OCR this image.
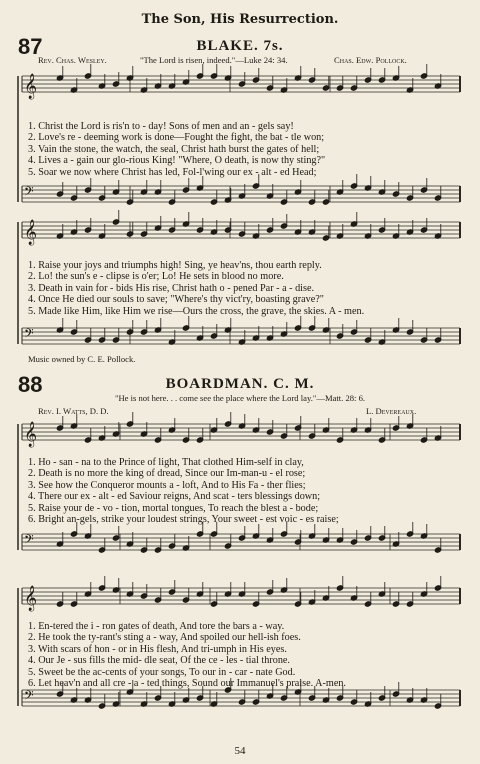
The Son, His Resurrection.
𝄞
𝄢
𝄞
𝄢
𝄞
𝄢
𝄞
𝄢
87	BLAKE. 7s.
Rev. Chas. Wesley.	"The Lord is risen, indeed."—Luke 24: 34.	Chas. Edw. Pollock.
1. Christ the Lord is ris'n to - day! Sons of men and an - gels say!
2. Love's re - deeming work is done—Fought the fight, the bat - tle won;
3. Vain the stone, the watch, the seal, Christ hath burst the gates of hell;
4. Lives a - gain our glo-rious King! "Where, O death, is now thy sting?"
5. Soar we now where Christ has led, Fol-l'wing our ex - alt - ed Head;
1. Raise your joys and triumphs high! Sing, ye heav'ns, thou earth reply.
2. Lo! the sun's e - clipse is o'er; Lo! He sets in blood no more.
3. Death in vain for - bids His rise, Christ hath o - pened Par - a - dise.
4. Once He died our souls to save; "Where's thy vict'ry, boasting grave?"
5. Made like Him, like Him we rise—Ours the cross, the grave, the skies. A - men.
Music owned by C. E. Pollock.
88	BOARDMAN. C. M.
"He is not here. . . come see the place where the Lord lay."—Matt. 28: 6.
Rev. I. Watts, D. D.	L. Devereaux.
1. Ho - san - na to the Prince of light, That clothed Him-self in clay,
2. Death is no more the king of dread, Since our Im-man-u - el rose;
3. See how the Conqueror mounts a - loft, And to His Fa - ther flies;
4. There our ex - alt - ed Saviour reigns, And scat - ters blessings down;
5. Raise your de - vo - tion, mortal tongues, To reach the blest a - bode;
6. Bright an-gels, strike your loudest strings, Your sweet - est voic - es raise;
1. En-tered the i - ron gates of death, And tore the bars a - way.
2. He took the ty-rant's sting a - way, And spoiled our hell-ish foes.
3. With scars of hon - or in His flesh, And tri-umph in His eyes.
4. Our Je - sus fills the mid- dle seat, Of the ce - les - tial throne.
5. Sweet be the ac-cents of your songs, To our in - car - nate God.
6. Let heav'n and all cre - a - ted things, Sound our Immanuel's praise. A-men.
54
